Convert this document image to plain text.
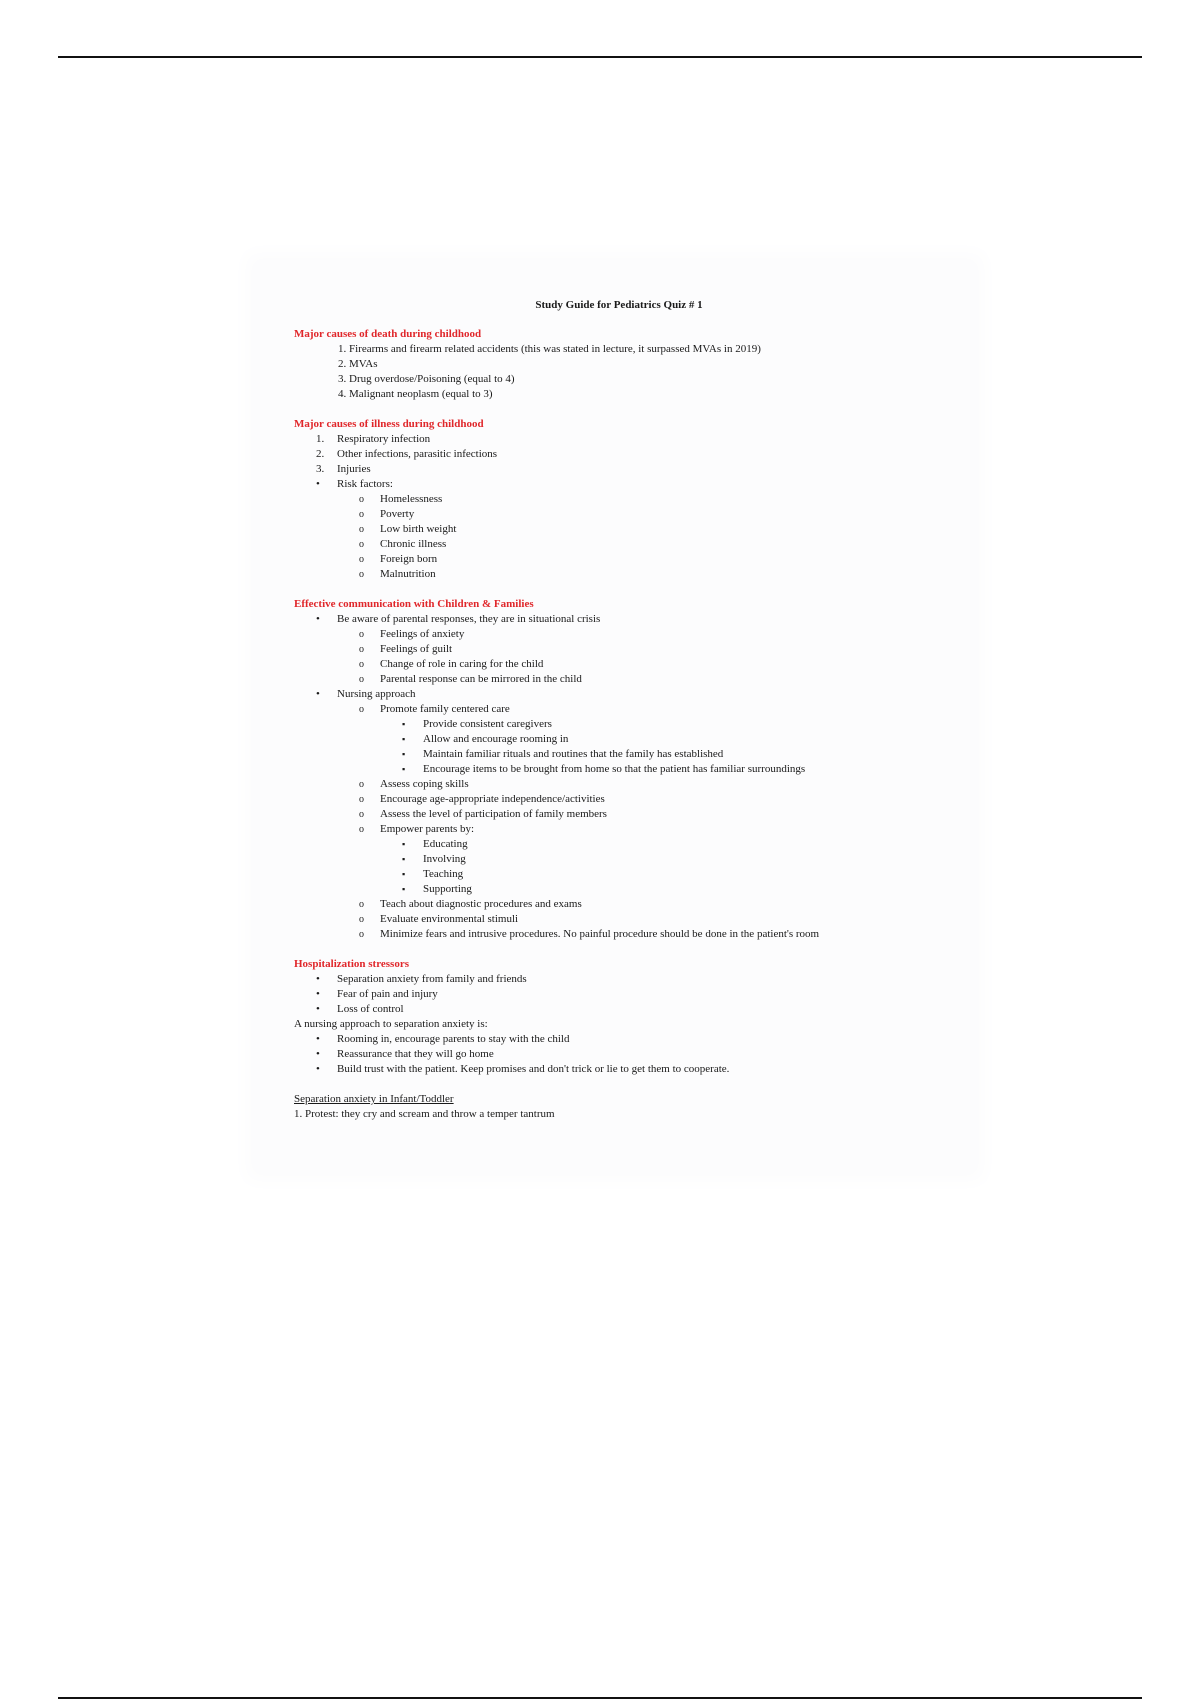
Study Guide for Pediatrics Quiz # 1

Major causes of death during childhood

1. Firearms and firearm related accidents (this was stated in lecture, it surpassed MVAs in 2019)
2. MVAs
3. Drug overdose/Poisoning (equal to 4)
4. Malignant neoplasm (equal to 3)

Major causes of illness during childhood

1. Respiratory infection
2. Other infections, parasitic infections
3. Injuries
• Risk factors:
o Homelessness
o Poverty
o Low birth weight
o Chronic illness
o Foreign born
o Malnutrition

Effective communication with Children & Families

• Be aware of parental responses, they are in situational crisis
o Feelings of anxiety
o Feelings of guilt
o Change of role in caring for the child
o Parental response can be mirrored in the child
• Nursing approach
o Promote family centered care
▪ Provide consistent caregivers
▪ Allow and encourage rooming in
▪ Maintain familiar rituals and routines that the family has established
▪ Encourage items to be brought from home so that the patient has familiar surroundings
o Assess coping skills
o Encourage age-appropriate independence/activities
o Assess the level of participation of family members
o Empower parents by:
▪ Educating
▪ Involving
▪ Teaching
▪ Supporting
o Teach about diagnostic procedures and exams
o Evaluate environmental stimuli
o Minimize fears and intrusive procedures. No painful procedure should be done in the patient's room

Hospitalization stressors

• Separation anxiety from family and friends
• Fear of pain and injury
• Loss of control

A nursing approach to separation anxiety is:

• Rooming in, encourage parents to stay with the child
• Reassurance that they will go home
• Build trust with the patient. Keep promises and don't trick or lie to get them to cooperate.

Separation anxiety in Infant/Toddler

1. Protest: they cry and scream and throw a temper tantrum
